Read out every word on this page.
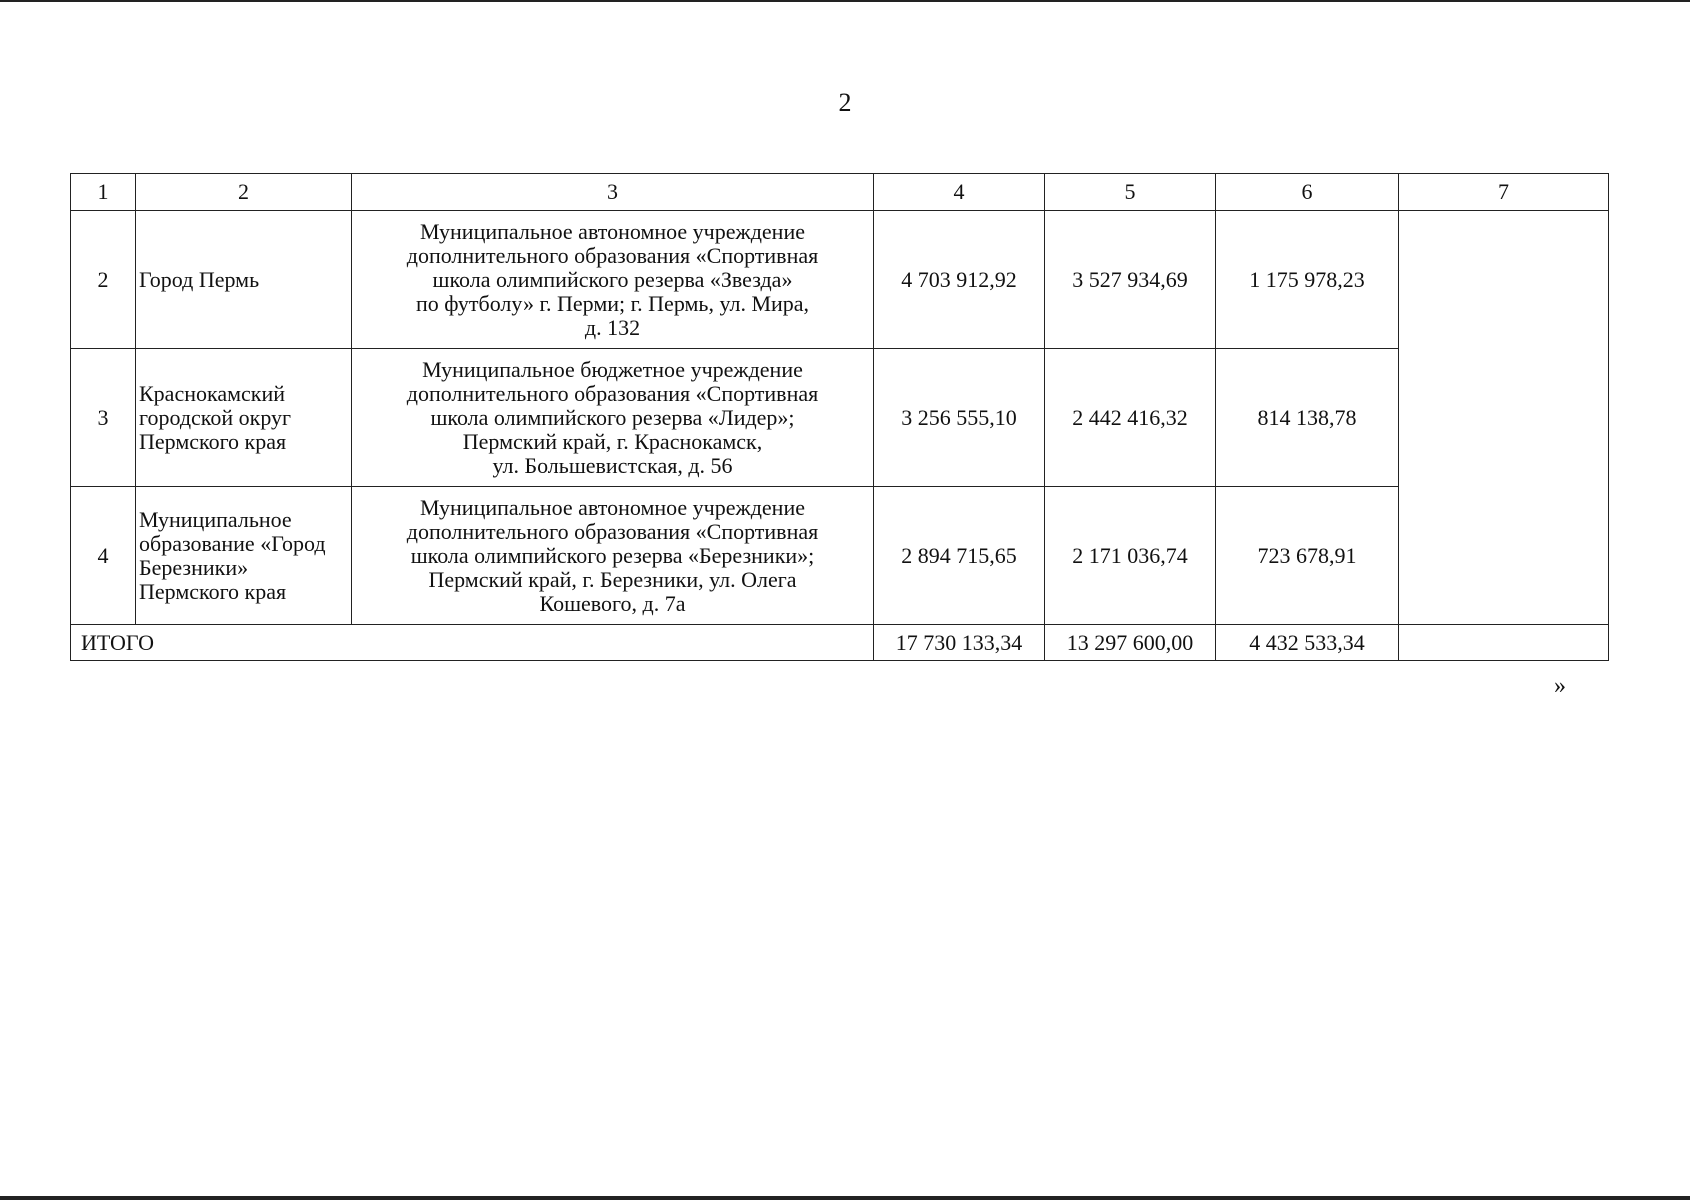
2
1	2	3	4	5	6	7
2	Город Пермь	Муниципальное автономное учреждение
дополнительного образования «Спортивная
школа олимпийского резерва «Звезда»
по футболу» г. Перми; г. Пермь, ул. Мира,
д. 132	4 703 912,92	3 527 934,69	1 175 978,23	
3	Краснокамский городской округ Пермского края	Муниципальное бюджетное учреждение
дополнительного образования «Спортивная
школа олимпийского резерва «Лидер»;
Пермский край, г. Краснокамск,
ул. Большевистская, д. 56	3 256 555,10	2 442 416,32	814 138,78	
4	Муниципальное образование «Город Березники» Пермского края	Муниципальное автономное учреждение
дополнительного образования «Спортивная
школа олимпийского резерва «Березники»;
Пермский край, г. Березники, ул. Олега
Кошевого, д. 7а	2 894 715,65	2 171 036,74	723 678,91	
ИТОГО			17 730 133,34	13 297 600,00	4 432 533,34	
»
